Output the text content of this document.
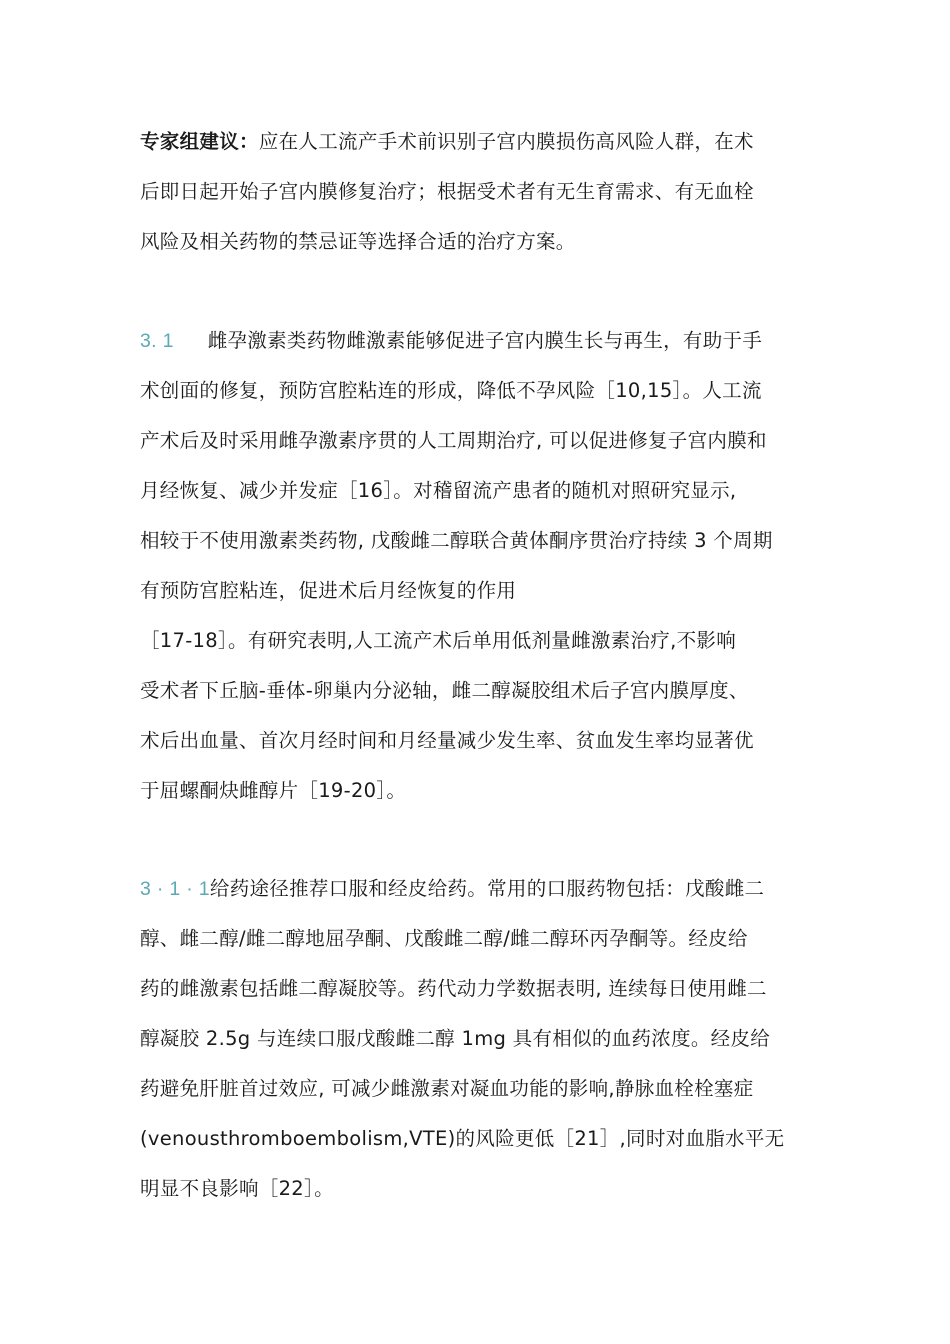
专家组建议：应在人工流产手术前识别子宫内膜损伤高风险人群，在术
后即日起开始子宫内膜修复治疗；根据受术者有无生育需求、有无血栓
风险及相关药物的禁忌证等选择合适的治疗方案。
3. 1 雌孕激素类药物雌激素能够促进子宫内膜生长与再生，有助于手
术创面的修复，预防宫腔粘连的形成，降低不孕风险［10,15］。人工流
产术后及时采用雌孕激素序贯的人工周期治疗, 可以促进修复子宫内膜和
月经恢复、减少并发症［16］。对稽留流产患者的随机对照研究显示,
相较于不使用激素类药物, 戊酸雌二醇联合黄体酮序贯治疗持续 3 个周期
有预防宫腔粘连，促进术后月经恢复的作用
［17-18］。有研究表明,人工流产术后单用低剂量雌激素治疗,不影响
受术者下丘脑-垂体-卵巢内分泌轴，雌二醇凝胶组术后子宫内膜厚度、
术后出血量、首次月经时间和月经量减少发生率、贫血发生率均显著优
于屈螺酮炔雌醇片［19-20］。
3 · 1 · 1给药途径推荐口服和经皮给药。常用的口服药物包括：戊酸雌二
醇、雌二醇/雌二醇地屈孕酮、戊酸雌二醇/雌二醇环丙孕酮等。经皮给
药的雌激素包括雌二醇凝胶等。药代动力学数据表明, 连续每日使用雌二
醇凝胶 2.5g 与连续口服戊酸雌二醇 1mg 具有相似的血药浓度。经皮给
药避免肝脏首过效应, 可减少雌激素对凝血功能的影响,静脉血栓栓塞症
(venousthromboembolism,VTE)的风险更低［21］,同时对血脂水平无
明显不良影响［22］。
